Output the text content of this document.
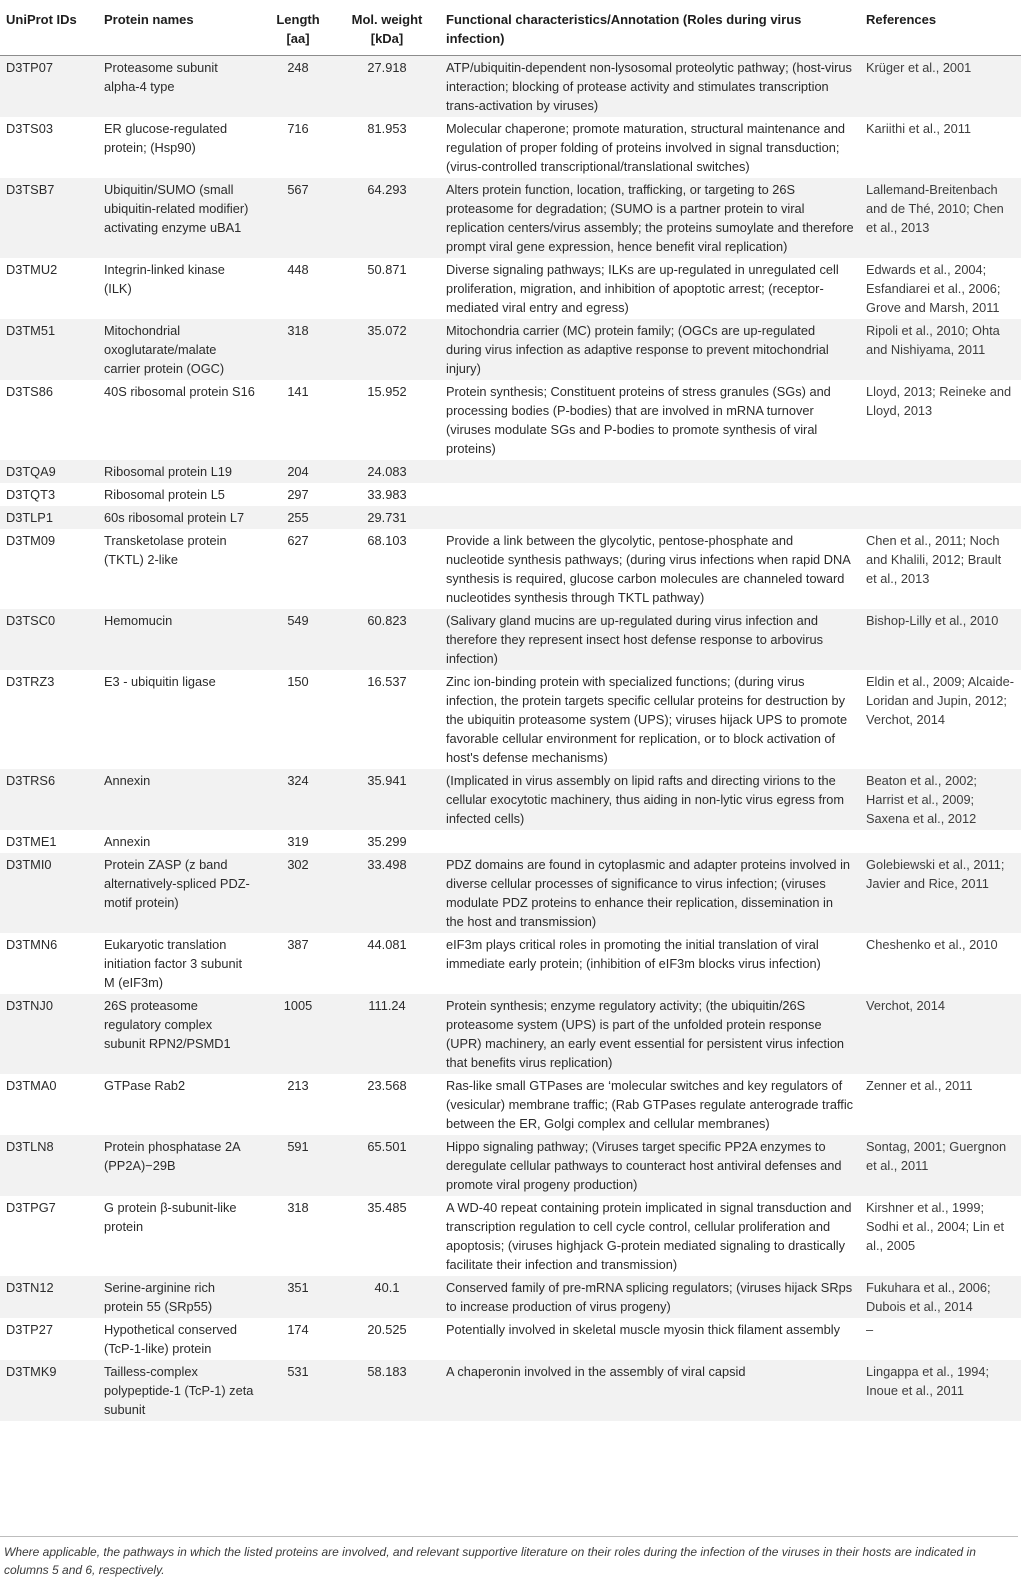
UniProt IDs	Protein names	Length [aa]	Mol. weight [kDa]	Functional characteristics/Annotation (Roles during virus infection)	References
D3TP07	Proteasome subunit alpha-4 type	248	27.918	ATP/ubiquitin-dependent non-lysosomal proteolytic pathway; (host-virus interaction; blocking of protease activity and stimulates transcription trans-activation by viruses)	Krüger et al., 2001
D3TS03	ER glucose-regulated protein; (Hsp90)	716	81.953	Molecular chaperone; promote maturation, structural maintenance and regulation of proper folding of proteins involved in signal transduction; (virus-controlled transcriptional/translational switches)	Kariithi et al., 2011
D3TSB7	Ubiquitin/SUMO (small ubiquitin-related modifier) activating enzyme uBA1	567	64.293	Alters protein function, location, trafficking, or targeting to 26S proteasome for degradation; (SUMO is a partner protein to viral replication centers/virus assembly; the proteins sumoylate and therefore prompt viral gene expression, hence benefit viral replication)	Lallemand-Breitenbach and de Thé, 2010; Chen et al., 2013
D3TMU2	Integrin-linked kinase (ILK)	448	50.871	Diverse signaling pathways; ILKs are up-regulated in unregulated cell proliferation, migration, and inhibition of apoptotic arrest; (receptor-mediated viral entry and egress)	Edwards et al., 2004; Esfandiarei et al., 2006; Grove and Marsh, 2011
D3TM51	Mitochondrial oxoglutarate/malate carrier protein (OGC)	318	35.072	Mitochondria carrier (MC) protein family; (OGCs are up-regulated during virus infection as adaptive response to prevent mitochondrial injury)	Ripoli et al., 2010; Ohta and Nishiyama, 2011
D3TS86	40S ribosomal protein S16	141	15.952	Protein synthesis; Constituent proteins of stress granules (SGs) and processing bodies (P-bodies) that are involved in mRNA turnover (viruses modulate SGs and P-bodies to promote synthesis of viral proteins)	Lloyd, 2013; Reineke and Lloyd, 2013
D3TQA9	Ribosomal protein L19	204	24.083		
D3TQT3	Ribosomal protein L5	297	33.983		
D3TLP1	60s ribosomal protein L7	255	29.731		
D3TM09	Transketolase protein (TKTL) 2-like	627	68.103	Provide a link between the glycolytic, pentose-phosphate and nucleotide synthesis pathways; (during virus infections when rapid DNA synthesis is required, glucose carbon molecules are channeled toward nucleotides synthesis through TKTL pathway)	Chen et al., 2011; Noch and Khalili, 2012; Brault et al., 2013
D3TSC0	Hemomucin	549	60.823	(Salivary gland mucins are up-regulated during virus infection and therefore they represent insect host defense response to arbovirus infection)	Bishop-Lilly et al., 2010
D3TRZ3	E3 - ubiquitin ligase	150	16.537	Zinc ion-binding protein with specialized functions; (during virus infection, the protein targets specific cellular proteins for destruction by the ubiquitin proteasome system (UPS); viruses hijack UPS to promote favorable cellular environment for replication, or to block activation of host's defense mechanisms)	Eldin et al., 2009; Alcaide-Loridan and Jupin, 2012; Verchot, 2014
D3TRS6	Annexin	324	35.941	(Implicated in virus assembly on lipid rafts and directing virions to the cellular exocytotic machinery, thus aiding in non-lytic virus egress from infected cells)	Beaton et al., 2002; Harrist et al., 2009; Saxena et al., 2012
D3TME1	Annexin	319	35.299		
D3TMI0	Protein ZASP (z band alternatively-spliced PDZ-motif protein)	302	33.498	PDZ domains are found in cytoplasmic and adapter proteins involved in diverse cellular processes of significance to virus infection; (viruses modulate PDZ proteins to enhance their replication, dissemination in the host and transmission)	Golebiewski et al., 2011; Javier and Rice, 2011
D3TMN6	Eukaryotic translation initiation factor 3 subunit M (eIF3m)	387	44.081	eIF3m plays critical roles in promoting the initial translation of viral immediate early protein; (inhibition of eIF3m blocks virus infection)	Cheshenko et al., 2010
D3TNJ0	26S proteasome regulatory complex subunit RPN2/PSMD1	1005	111.24	Protein synthesis; enzyme regulatory activity; (the ubiquitin/26S proteasome system (UPS) is part of the unfolded protein response (UPR) machinery, an early event essential for persistent virus infection that benefits virus replication)	Verchot, 2014
D3TMA0	GTPase Rab2	213	23.568	Ras-like small GTPases are ‘molecular switches and key regulators of (vesicular) membrane traffic; (Rab GTPases regulate anterograde traffic between the ER, Golgi complex and cellular membranes)	Zenner et al., 2011
D3TLN8	Protein phosphatase 2A (PP2A)−29B	591	65.501	Hippo signaling pathway; (Viruses target specific PP2A enzymes to deregulate cellular pathways to counteract host antiviral defenses and promote viral progeny production)	Sontag, 2001; Guergnon et al., 2011
D3TPG7	G protein β-subunit-like protein	318	35.485	A WD-40 repeat containing protein implicated in signal transduction and transcription regulation to cell cycle control, cellular proliferation and apoptosis; (viruses highjack G-protein mediated signaling to drastically facilitate their infection and transmission)	Kirshner et al., 1999; Sodhi et al., 2004; Lin et al., 2005
D3TN12	Serine-arginine rich protein 55 (SRp55)	351	40.1	Conserved family of pre-mRNA splicing regulators; (viruses hijack SRps to increase production of virus progeny)	Fukuhara et al., 2006; Dubois et al., 2014
D3TP27	Hypothetical conserved (TcP-1-like) protein	174	20.525	Potentially involved in skeletal muscle myosin thick filament assembly	–
D3TMK9	Tailless-complex polypeptide-1 (TcP-1) zeta subunit	531	58.183	A chaperonin involved in the assembly of viral capsid	Lingappa et al., 1994; Inoue et al., 2011
Where applicable, the pathways in which the listed proteins are involved, and relevant supportive literature on their roles during the infection of the viruses in their hosts are indicated in columns 5 and 6, respectively.
